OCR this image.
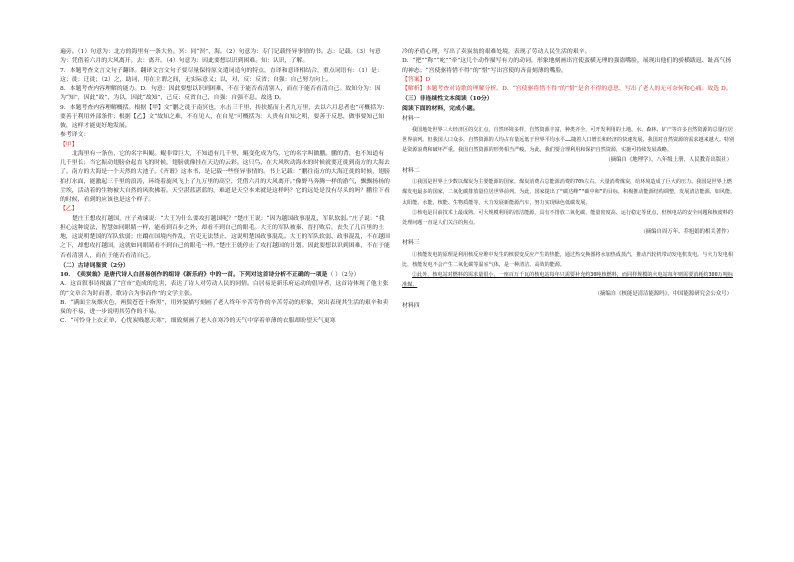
遍旁。（1）句意为：北方的海里有一条大鱼。冥：同“溟”，海。（2）句意为：专门记载怪异事情的书。志：记载。（3）句意为：凭借着六月的大风离开。去：离开。（4）句意为：因此要想以识到困难。知：认识，了解。

7．本题考查文言文句子翻译。翻译文言文句子要尽量保持原文遣词造句的特点，直译和意译相结合，重点词语有：（1）是：这；徙：迁徙；（2）之，助词，用在主谓之间，无实际意义；以，对，反：反省；自强：自己努力向上。

8．本题考查内容理解的能力。D．句意：因此要想以识到困难，不在于能否看清别人，而在于能否看清自己。故知分为：因为“知”，因此“故”，为以，因此“故知”，己反：反省自己，自强：自强不息。故选 D。

9．本题考查内容理解概括。根据【甲】文“鹏之徙于南冥也，水击三千里，抟扶摇而上者九万里，去以六月息者也”可概括为：要善于利用外部条件；根据【乙】文“故知之难，不在见人，在自见”可概括为：人贵有自知之明，要善于反思，做事要知己知彼，这样才能更好地发展。

参考译文：

【甲】

北海里有一条鱼，它的名字叫鲲。鲲非常巨大，不知道有几千里，鲲变化成为鸟，它的名字叫做鹏。鹏的背，也不知道有几千里长；当它振动翅膀奋起直飞的时候，翅膀就像挂在天边的云彩。这只鸟，在大风吹动海水的时候就要迁徙到南方的大海去了。南方的大海是一个天然的大池子。《齐谐》这本书，是记载一些怪异事情的。书上记载：“鹏往南方的大海迁徙的时候，翅膀拍打水面，能激起三千里的浪涛，环绕着旋风飞上了九万里的高空，凭借六月的大风离开。”像野马奔腾一样的游气，飘飘扬扬的尘埃，活动着的生物被大自然的风吹拂着。天空湛蓝湛蓝的，难道是天空本来就是这样吗？它的远处是没有尽头的吗？鹏往下看的时候，看到的应该也是这个样子。

【乙】

楚庄王想攻打越国，庄子劝谏说：“大王为什么要攻打越国呢？”楚庄王说：“因为越国政事混乱，军队软弱。”庄子说：“我担心这种说法，智慧如同眼睛一样，能看到百步之外，却看不到自己的眼毛。大王的军队被秦、晋打败后，丧失了几百里的土地，这说明楚国的军队软弱；庄蹻在国境内作乱，官吏无法禁止，这说明楚国政事混乱。大王的军队软弱、政事混乱，不在越国之下，却想攻打越国，这就如同眼睛看不到自己的眼毛一样。”楚庄王就停止了攻打越国的计划。因此要想以识到困难，不在于能否看清别人，而在于能否看清自己。

（二）古诗词鉴赏（2分）

10．《卖炭翁》是唐代诗人白居易创作的组诗《新乐府》中的一首。下列对这首诗分析不正确的一项是（ ）（2分）

A．这首叙事诗揭露了“宫市”造成的危害，表达了诗人对劳动人民的同情。白居易是新乐府运动的倡导者，这首诗体现了他主张的“文章合为时而著，歌诗合为事而作”的文学主张。

B．“满面尘灰烟火色，两鬓苍苍十指黑”，用外貌描写刻画了老人终年辛苦劳作的辛苦劳动的形象，突出表现其生活的艰辛和卖炭的不易，进一步说明其劳作的不易。

C．“可怜身上衣正单，心忧炭贱愿天寒”，细致刻画了老人在寒冷的天气中穿着单薄的衣服却盼望天气更寒

冷的矛盾心理，写出了卖炭翁的艰难处境，表现了劳动人民生活的艰辛。

D．“把”“称”“叱”“牵”这几个动作描写有力的动词，形象地刻画出宫使蛮横无理的强盗嘴脸，展现出他们的骄横跋扈、趾高气扬的神态；“宫使驱将惜不得”的“惜”写出宫使的吝啬刻薄的嘴脸。

【答案】D

【解析】本题考查对诗歌的理解分析。D．“宫使驱将惜不得”的“惜”是舍不得的意思，写出了老人的无可奈何和心痛。故选 D。

（三）非连续性文本阅读（10分）

阅读下面的材料，完成小题。

材料一

我国地处世界三大经济区的交汇点，自然环境多样，自然资源丰富，种类齐全，可开发利用的土地、水、森林、矿产等许多自然资源的总量位居世界前列。但我国人口众多，自然资源的人均占有量远低于世界平均水平……随着人口增长和经济的快速发展，我国对自然资源的需求越来越大。特别是资源浪费和破坏严重，我国自然资源的形势相当严峻。为此，我们要合理利用和保护自然资源，实施可持续发展战略。

（摘编自《地理学》，八年级上册，人民教育出版社）

材料二

①我国是世界上少数以煤炭为主要能源的国家。煤炭消费占总能源消费的70%左右。大量消费煤炭，给环境造成了巨大的压力。我国是世界上燃煤发电最多的国家，二氧化碳排放量位居世界前列。为此，国家提出了“碳达峰”“碳中和”的目标，积极推动能源结构调整，发展清洁能源，如风能、太阳能、水能、核能、生物质能等，大力发展新能源汽车，努力实现绿色低碳发展。

②核电是目前技术上最成熟、可大规模利用的清洁能源，具有不排放二氧化碳、能量密度高、运行稳定等优点，但核电站的安全问题和核废料的处理问题一直是人们关注的焦点。

（摘编自周万年、乔旭娟的相关著作）

材料三

①核能发电的原理是利用核反应堆中发生的核裂变反应产生的热能，通过热交换器将水加热成蒸汽，推动汽轮机带动发电机发电。与火力发电相比，核能发电不会产生二氧化碳等温室气体，是一种清洁、高效的能源。

②此外，核电站对燃料的需求量很小，一座百万千瓦的核电站每年只需要补充约30吨核燃料，而同样规模的火电站每年则需要消耗约300万吨标准煤。

（摘编自《核能是清洁能源吗》，中国能源研究会公众号）

材料四
